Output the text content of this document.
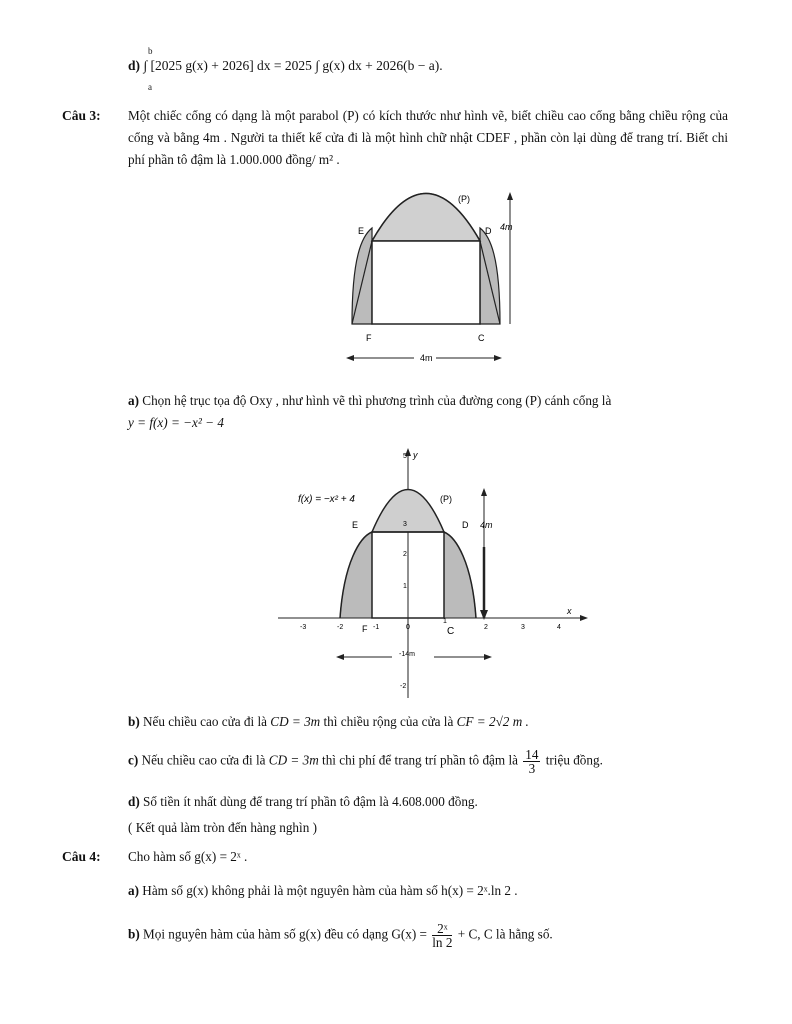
d) ∫ [2025 g(x) + 2026] dx = 2025 ∫ g(x) dx + 2026(b − a).
b
a
Câu 3: Một chiếc cổng có dạng là một parabol (P) có kích thước như hình vẽ, biết chiều cao cổng bằng chiều rộng của cổng và bằng 4m . Người ta thiết kế cửa đi là một hình chữ nhật CDEF , phần còn lại dùng để trang trí. Biết chi phí phần tô đậm là 1.000.000 đồng/ m² .
(P)
E	D 4m
F	C
4m
a) Chọn hệ trục tọa độ Oxy , như hình vẽ thì phương trình của đường cong (P) cánh cổng là
y = f(x) = −x² − 4
f(x) = −x² + 4	(P)
4m
E	D
F	C
x
y
-3	-2	-1	0
1
2	3	4
5
3
2
1
-2
-14m
b) Nếu chiều cao cửa đi là CD = 3m thì chiều rộng của cửa là CF = 2√2 m .
c) Nếu chiều cao cửa đi là CD = 3m thì chi phí để trang trí phần tô đậm là $\frac{14}{3}$ triệu đồng.
d) Số tiền ít nhất dùng để trang trí phần tô đậm là 4.608.000 đồng.
( Kết quả làm tròn đến hàng nghìn )
Câu 4: Cho hàm số g(x) = 2ˣ .
a) Hàm số g(x) không phải là một nguyên hàm của hàm số h(x) = 2ˣ.ln 2 .
b) Mọi nguyên hàm của hàm số g(x) đều có dạng $G(x) = \frac{\text{2ˣ}}{\ln 2} + C$, C là hằng số.
